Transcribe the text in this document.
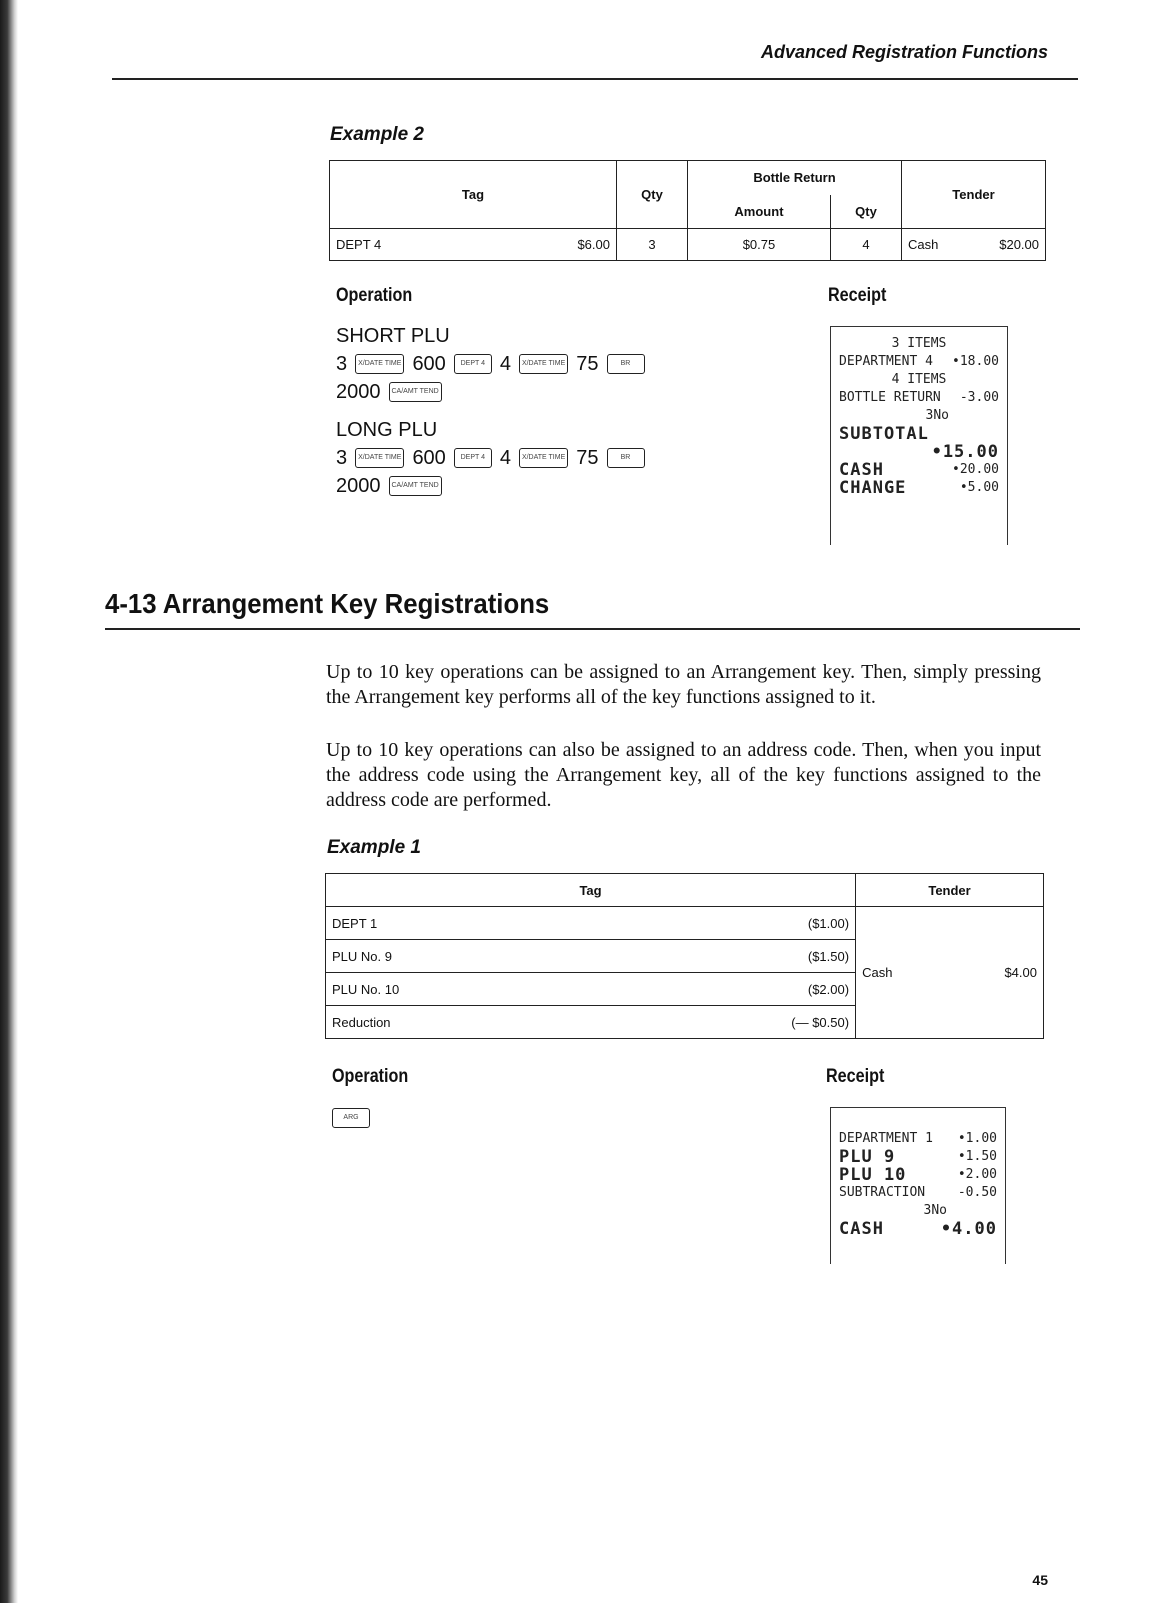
Advanced Registration Functions
Example 2
Tag		Qty	Bottle Return		Tender	
			Amount	Qty		
DEPT 4	$6.00	3	$0.75	4	Cash	$20.00
Operation	Receipt
SHORT PLU
3	X/DATE TIME 600	DEPT 4 4	X/DATE TIME 75	BR
2000	CA/AMT TEND
LONG PLU
3	X/DATE TIME 600	DEPT 4 4	X/DATE TIME 75	BR
2000	CA/AMT TEND
3 ITEMS
DEPARTMENT 4 •18.00
4 ITEMS
BOTTLE RETURN -3.00
3No
SUBTOTAL
•15.00
CASH	•20.00
CHANGE	•5.00
4-13 Arrangement Key Registrations
Up to 10 key operations can be assigned to an Arrangement key. Then, simply pressing the Arrangement key performs all of the key functions assigned to it.
Up to 10 key operations can also be assigned to an address code. Then, when you input the address code using the Arrangement key, all of the key functions assigned to the address code are performed.
Example 1
Tag		Tender	
DEPT 1	($1.00)	Cash	$4.00
PLU No. 9	($1.50)		
PLU No. 10	($2.00)		
Reduction	(— $0.50)		
Operation	Receipt
ARG
DEPARTMENT 1 •1.00
PLU 9	•1.50
PLU 10	•2.00
SUBTRACTION	-0.50
3No
CASH	•4.00
45
